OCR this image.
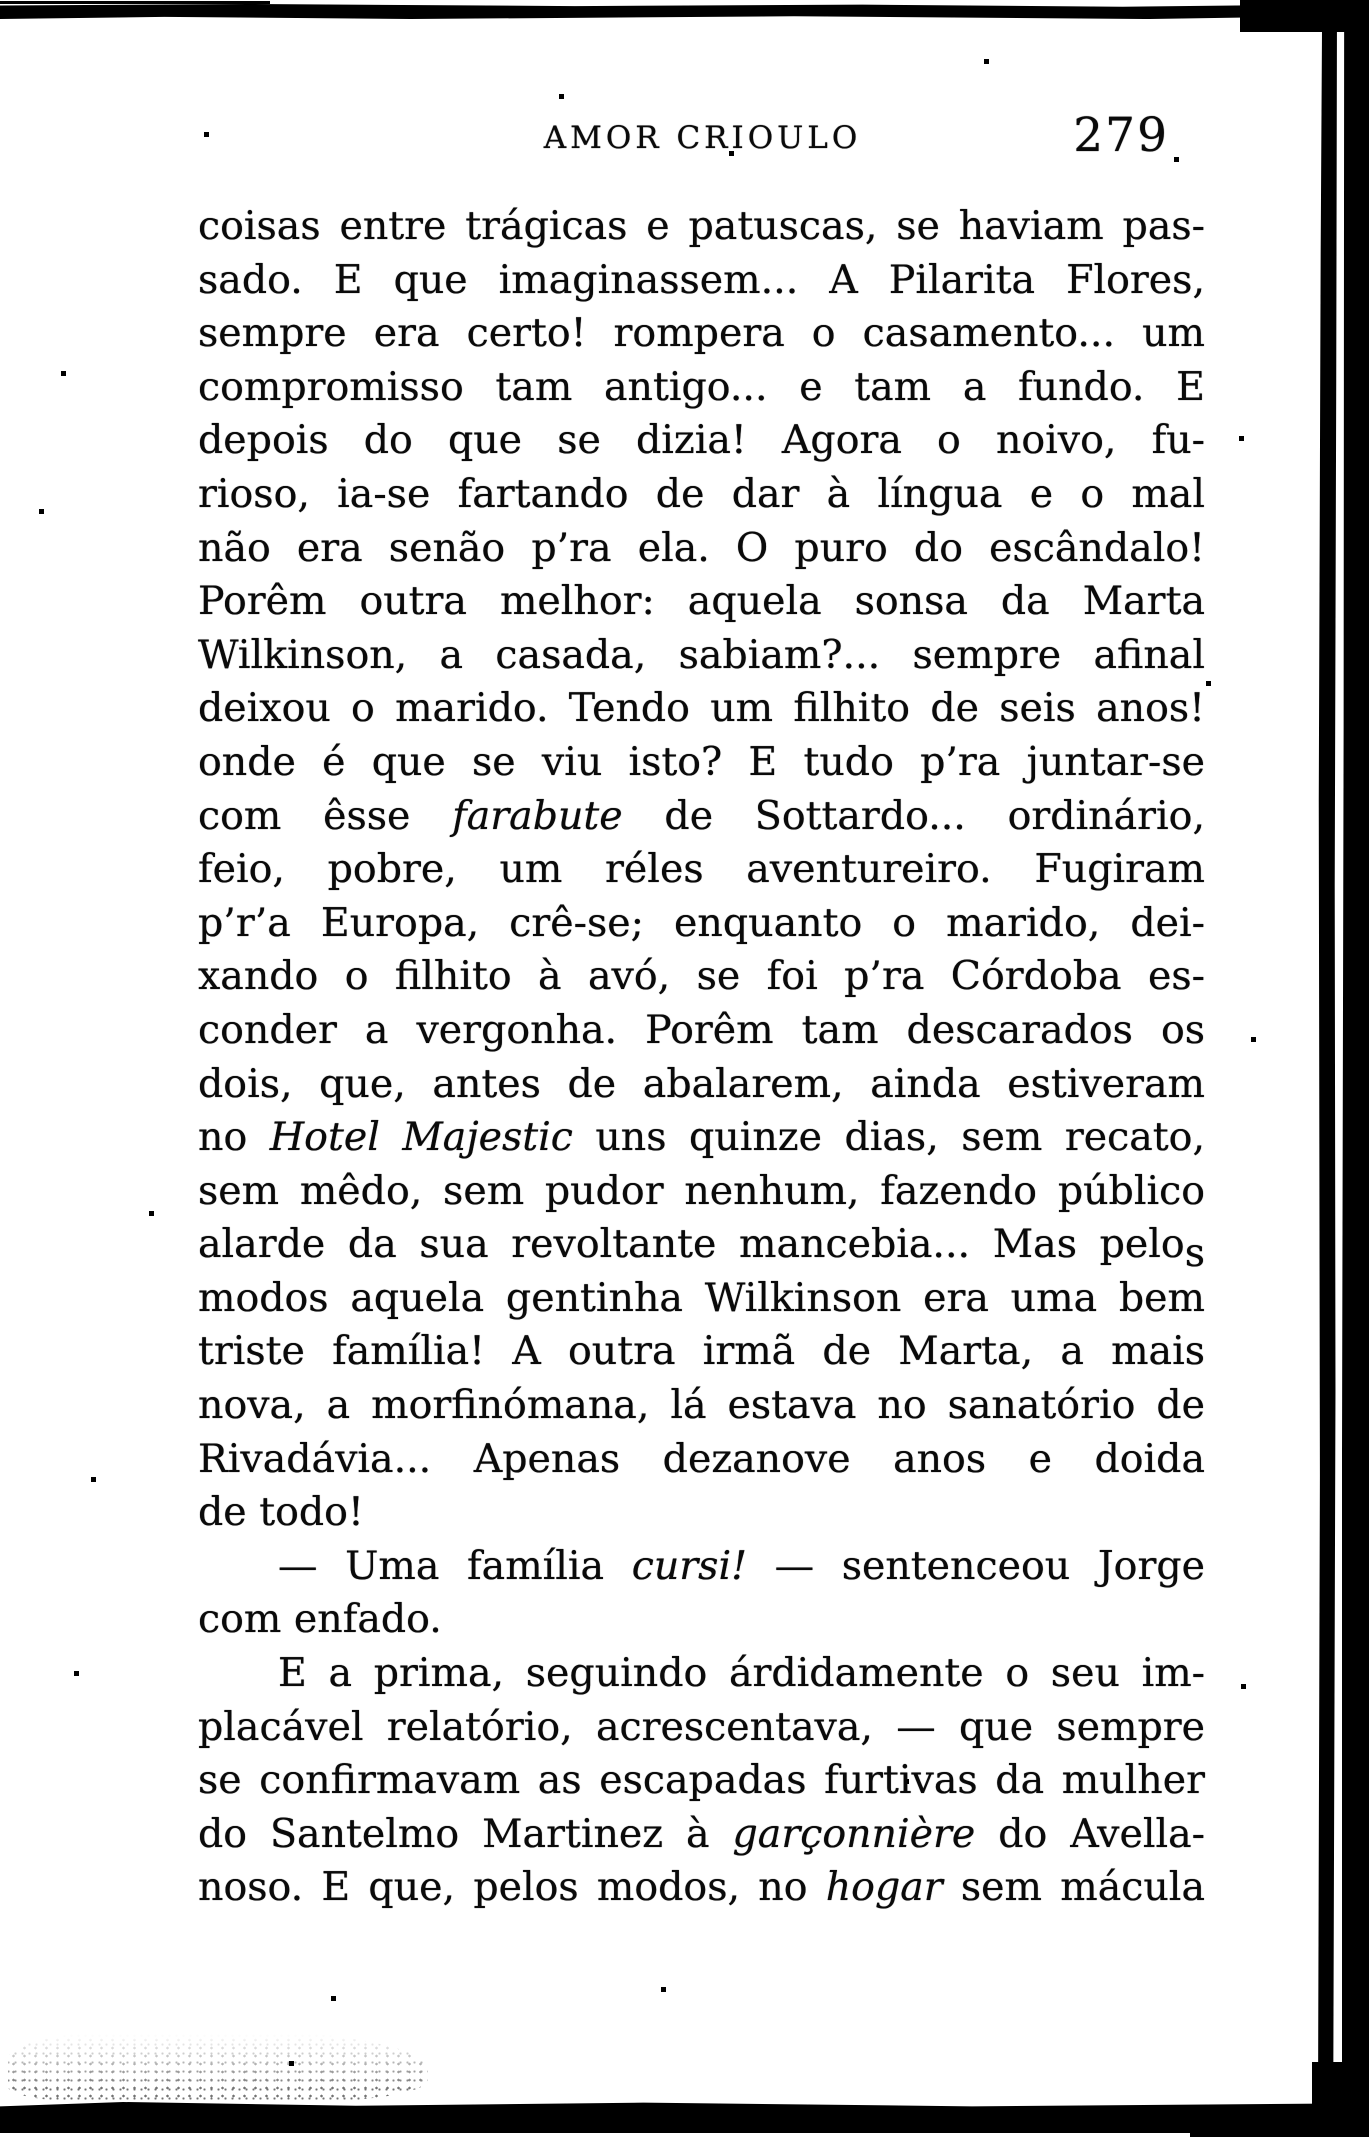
AMOR CRIOULO	279
coisas entre trágicas e patuscas, se haviam pas-
sado. E que imaginassem... A Pilarita Flores,
sempre era certo! rompera o casamento... um
compromisso tam antigo... e tam a fundo. E
depois do que se dizia! Agora o noivo, fu-
rioso, ia-se fartando de dar à língua e o mal
não era senão p’ra ela. O puro do escândalo!
Porêm outra melhor: aquela sonsa da Marta
Wilkinson, a casada, sabiam?... sempre afinal
deixou o marido. Tendo um filhito de seis anos!
onde é que se viu isto? E tudo p’ra juntar-se
com êsse farabute de Sottardo... ordinário,
feio, pobre, um réles aventureiro. Fugiram
p’r’a Europa, crê-se; enquanto o marido, dei-
xando o filhito à avó, se foi p’ra Córdoba es-
conder a vergonha. Porêm tam descarados os
dois, que, antes de abalarem, ainda estiveram
no Hotel Majestic uns quinze dias, sem recato,
sem mêdo, sem pudor nenhum, fazendo público
alarde da sua revoltante mancebia... Mas pelos
modos aquela gentinha Wilkinson era uma bem
triste família! A outra irmã de Marta, a mais
nova, a morfinómana, lá estava no sanatório de
Rivadávia... Apenas dezanove anos e doida
de todo!
— Uma família cursi! — sentenceou Jorge
com enfado.
E a prima, seguindo árdidamente o seu im-
placável relatório, acrescentava, — que sempre
se confirmavam as escapadas furtivas da mulher
do Santelmo Martinez à garçonnière do Avella-
noso. E que, pelos modos, no hogar sem mácula
